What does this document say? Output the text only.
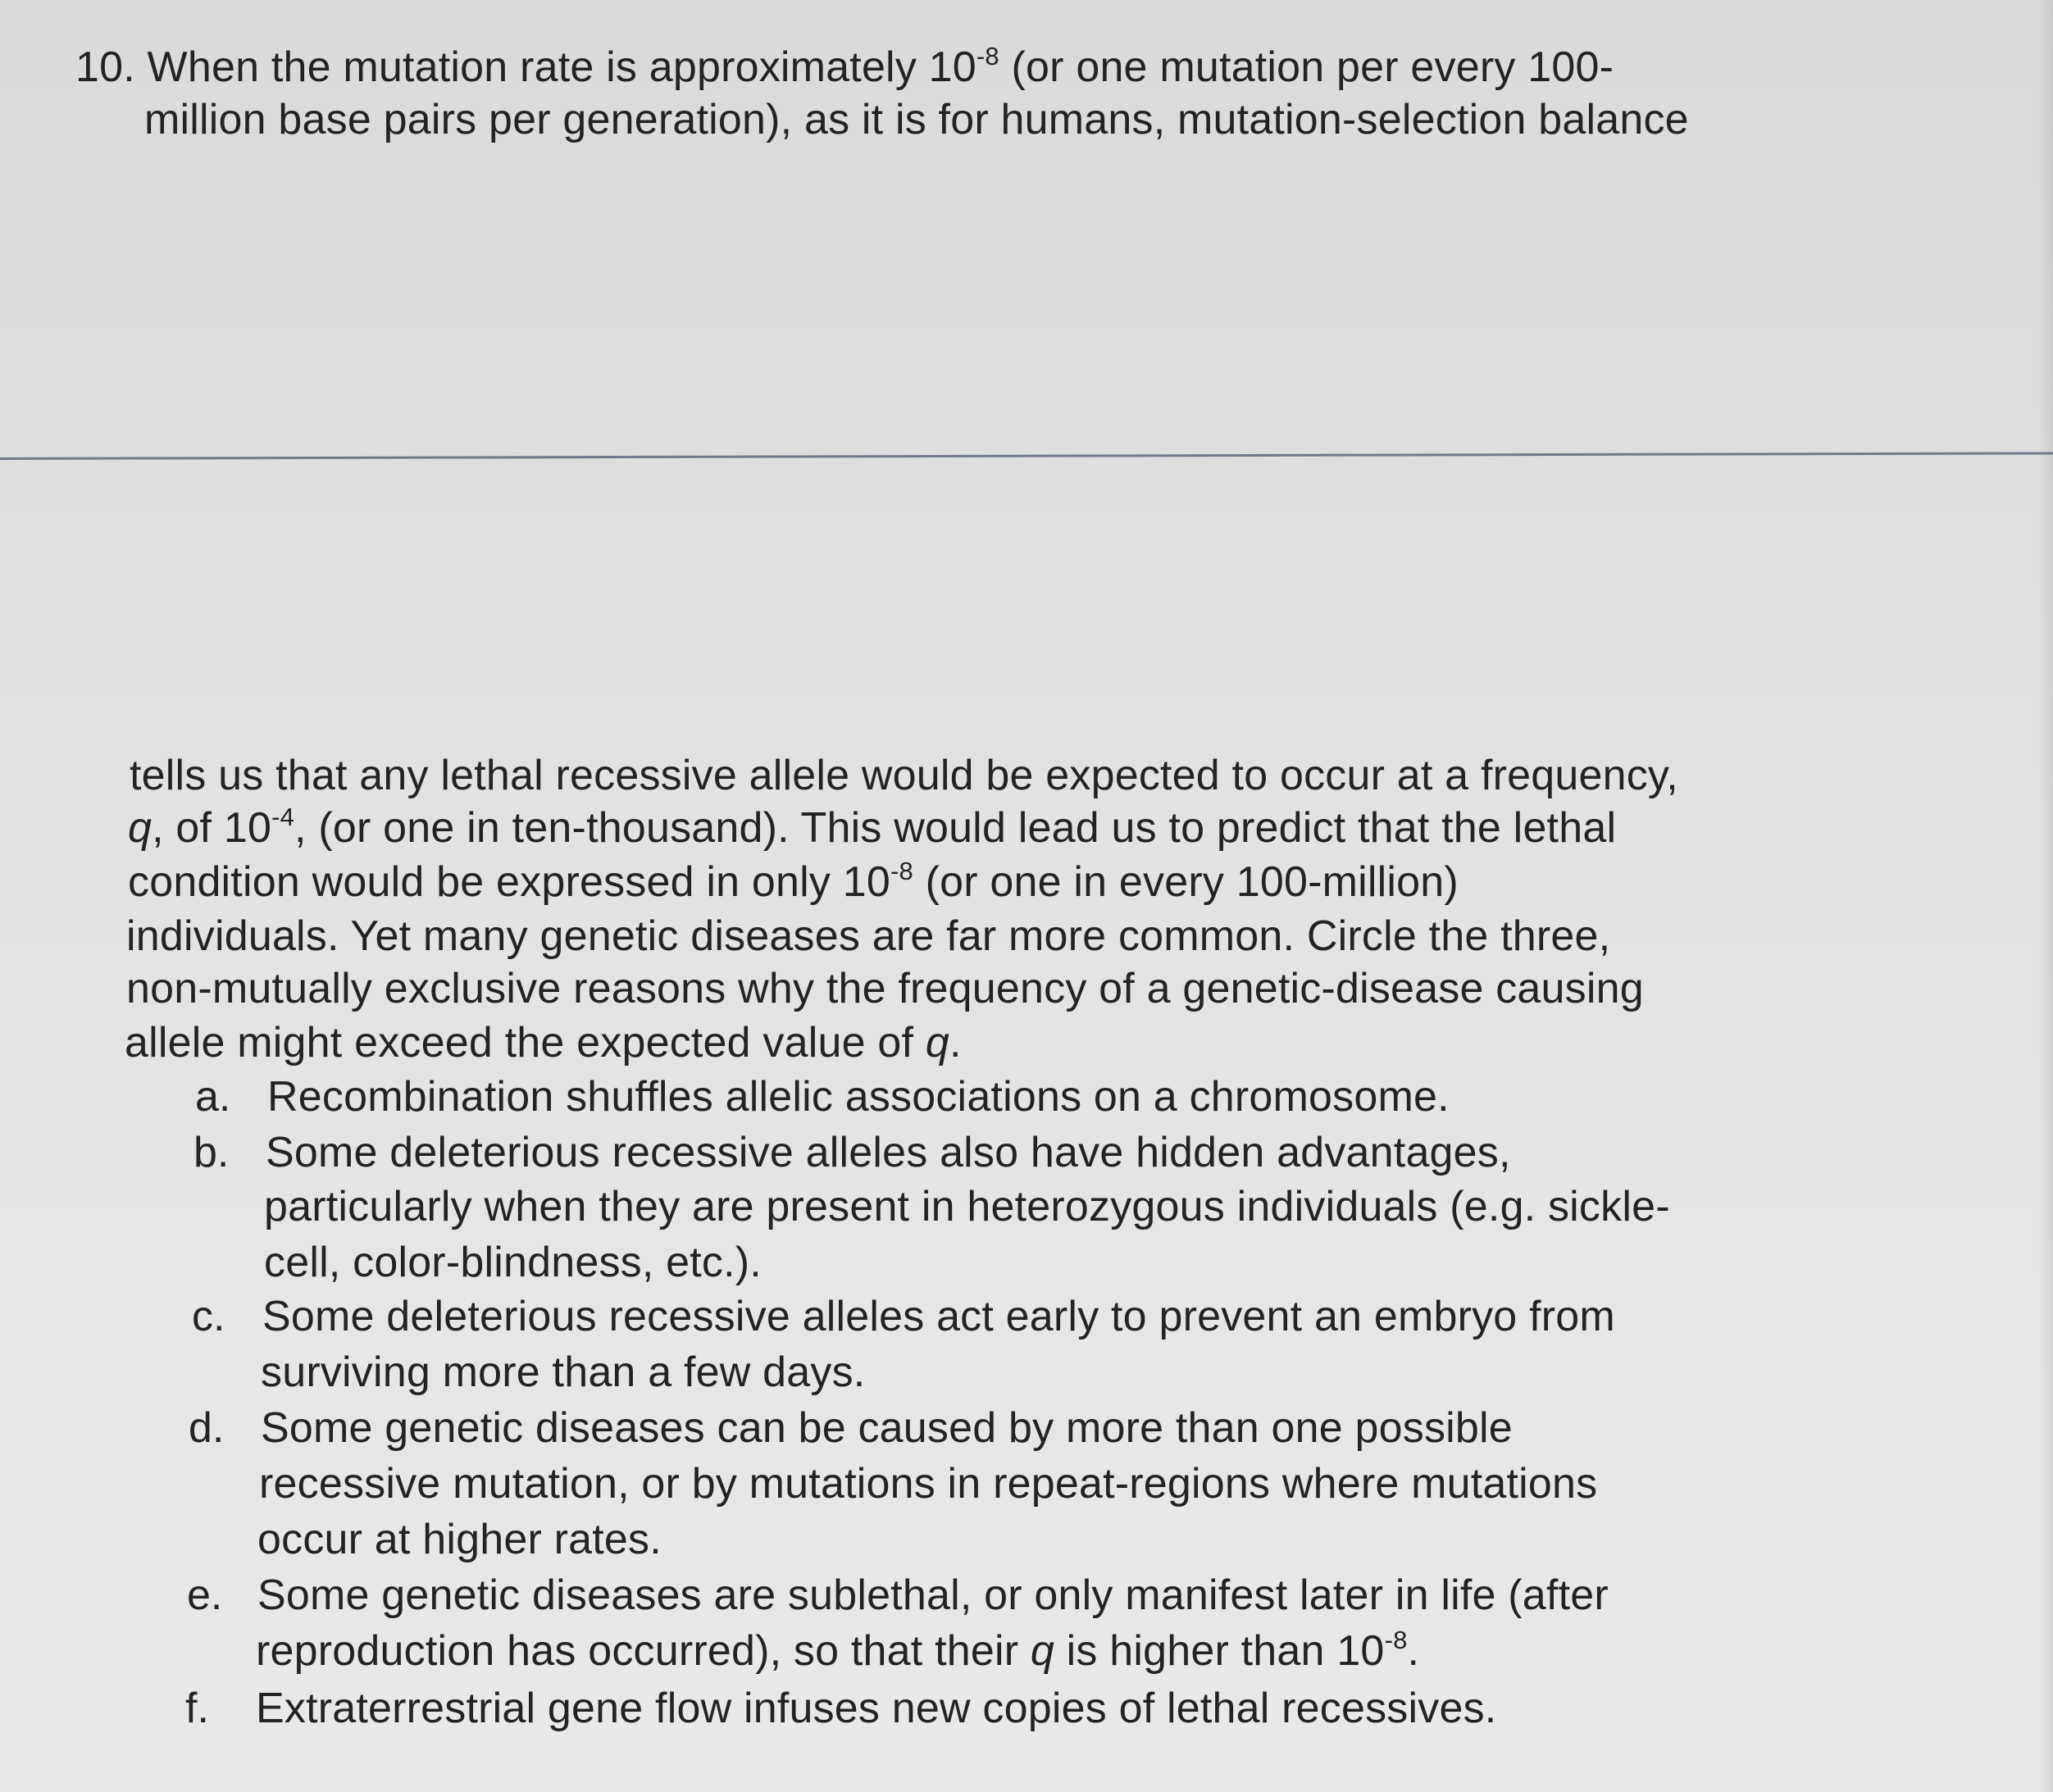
10. When the mutation rate is approximately $10^{-8}$ (or one mutation per every 100-
million base pairs per generation), as it is for humans, mutation-selection balance
tells us that any lethal recessive allele would be expected to occur at a frequency,
q, of $10^{-4}$, (or one in ten-thousand). This would lead us to predict that the lethal
condition would be expressed in only $10^{-8}$ (or one in every 100-million)
individuals. Yet many genetic diseases are far more common. Circle the three,
non-mutually exclusive reasons why the frequency of a genetic-disease causing
allele might exceed the expected value of q.
a. Recombination shuffles allelic associations on a chromosome.
b. Some deleterious recessive alleles also have hidden advantages,
particularly when they are present in heterozygous individuals (e.g. sickle-
cell, color-blindness, etc.).
c. Some deleterious recessive alleles act early to prevent an embryo from
surviving more than a few days.
d. Some genetic diseases can be caused by more than one possible
recessive mutation, or by mutations in repeat-regions where mutations
occur at higher rates.
e. Some genetic diseases are sublethal, or only manifest later in life (after
reproduction has occurred), so that their q is higher than $10^{-8}$.
f. Extraterrestrial gene flow infuses new copies of lethal recessives.
